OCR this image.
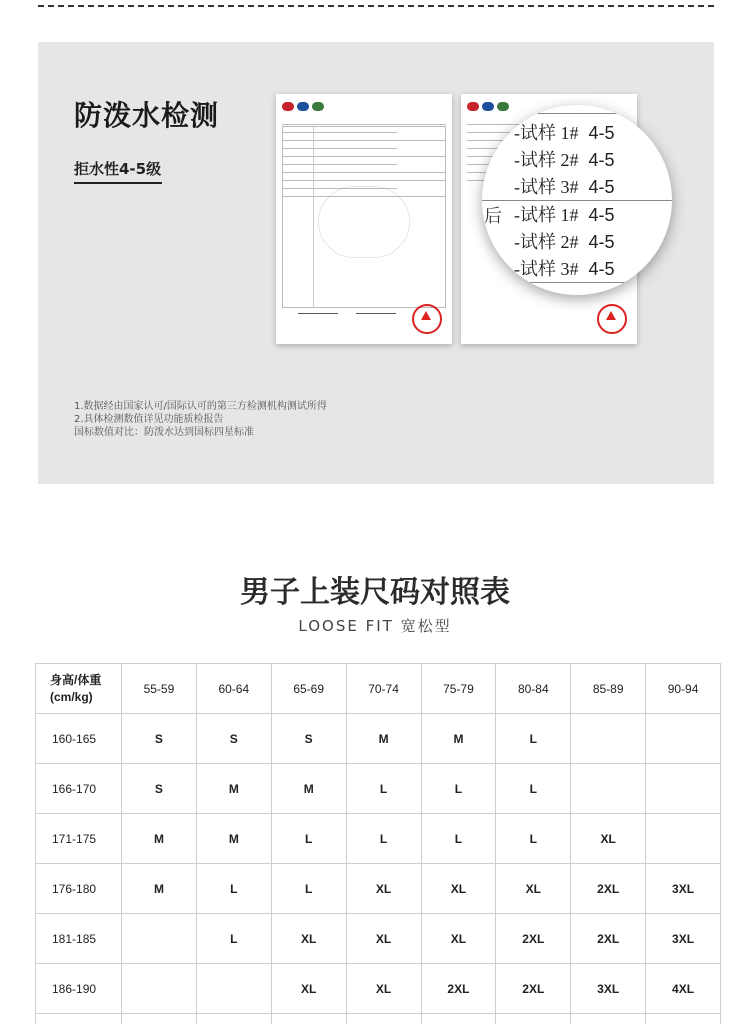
防泼水检测
拒水性4-5级
-试样 1# 4-5
-试样 2# 4-5
-试样 3# 4-5
后 -试样 1# 4-5
-试样 2# 4-5
-试样 3# 4-5
1.数据经由国家认可/国际认可的第三方检测机构测试所得
2.具体检测数值详见功能质检报告
国标数值对比：防泼水达到国标四星标准
男子上装尺码对照表
LOOSE FIT 宽松型
身高/体重
(cm/kg)	55-59	60-64	65-69	70-74	75-79	80-84	85-89	90-94
160-165	S	S	S	M	M	L		
166-170	S	M	M	L	L	L		
171-175	M	M	L	L	L	L	XL	
176-180	M	L	L	XL	XL	XL	2XL	3XL
181-185		L	XL	XL	XL	2XL	2XL	3XL
186-190			XL	XL	2XL	2XL	3XL	4XL
